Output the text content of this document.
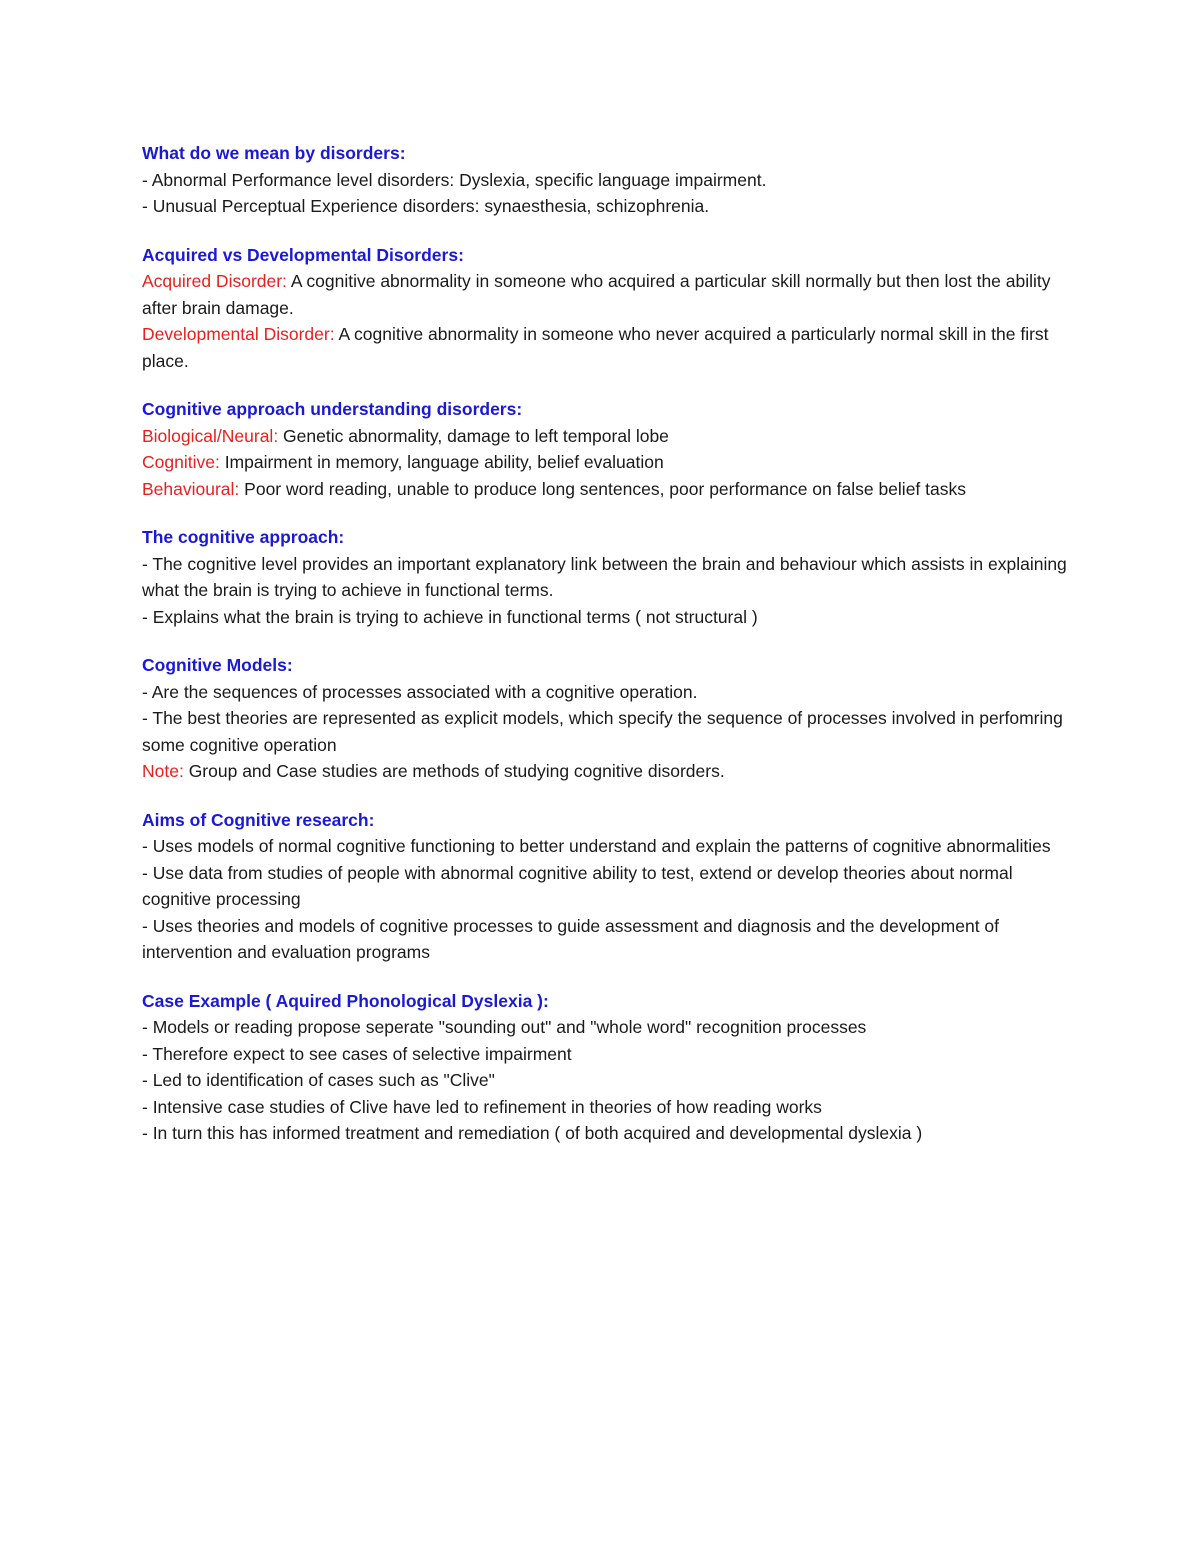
What do we mean by disorders:
- Abnormal Performance level disorders: Dyslexia, specific language impairment.
- Unusual Perceptual Experience disorders: synaesthesia, schizophrenia.
Acquired vs Developmental Disorders:
Acquired Disorder: A cognitive abnormality in someone who acquired a particular skill normally but then lost the ability after brain damage.
Developmental Disorder: A cognitive abnormality in someone who never acquired a particularly normal skill in the first place.
Cognitive approach understanding disorders:
Biological/Neural: Genetic abnormality, damage to left temporal lobe
Cognitive: Impairment in memory, language ability, belief evaluation
Behavioural: Poor word reading, unable to produce long sentences, poor performance on false belief tasks
The cognitive approach:
- The cognitive level provides an important explanatory link between the brain and behaviour which assists in explaining what the brain is trying to achieve in functional terms.
- Explains what the brain is trying to achieve in functional terms ( not structural )
Cognitive Models:
- Are the sequences of processes associated with a cognitive operation.
- The best theories are represented as explicit models, which specify the sequence of processes involved in perfomring some cognitive operation
Note: Group and Case studies are methods of studying cognitive disorders.
Aims of Cognitive research:
- Uses models of normal cognitive functioning to better understand and explain the patterns of cognitive abnormalities
- Use data from studies of people with abnormal cognitive ability to test, extend or develop theories about normal cognitive processing
- Uses theories and models of cognitive processes to guide assessment and diagnosis and the development of intervention and evaluation programs
Case Example ( Aquired Phonological Dyslexia ):
- Models or reading propose seperate "sounding out" and "whole word" recognition processes
- Therefore expect to see cases of selective impairment
- Led to identification of cases such as "Clive"
- Intensive case studies of Clive have led to refinement in theories of how reading works
- In turn this has informed treatment and remediation ( of both acquired and developmental dyslexia )
